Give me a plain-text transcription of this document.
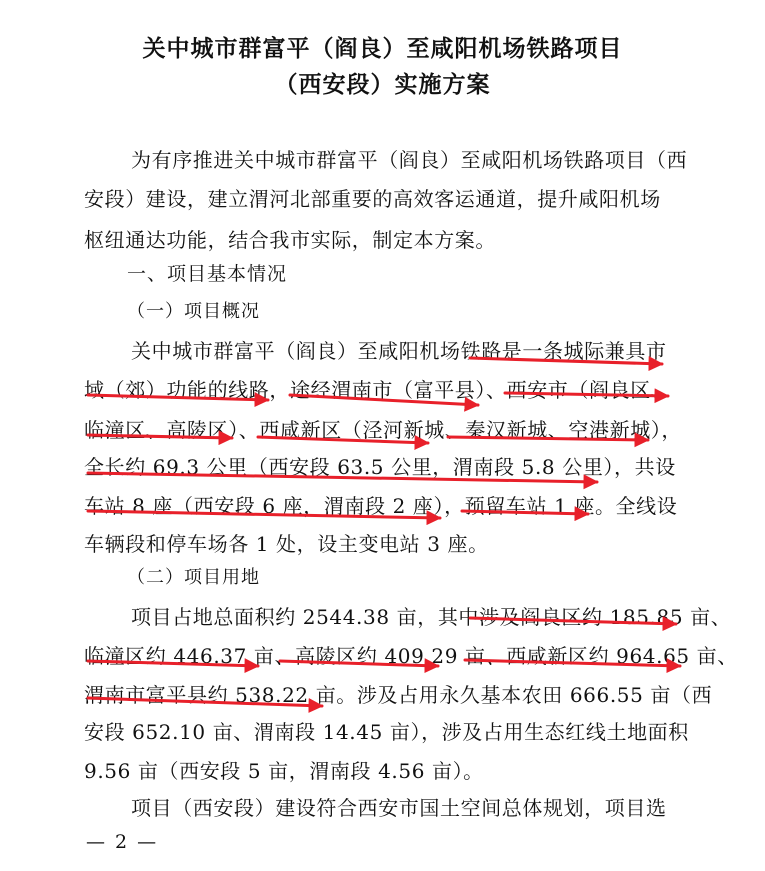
关中城市群富平（阎良）至咸阳机场铁路项目
（西安段）实施方案
为有序推进关中城市群富平（阎良）至咸阳机场铁路项目（西
安段）建设，建立渭河北部重要的高效客运通道，提升咸阳机场
枢纽通达功能，结合我市实际，制定本方案。
一、项目基本情况
（一）项目概况
关中城市群富平（阎良）至咸阳机场铁路是一条城际兼具市
域（郊）功能的线路，途经渭南市（富平县）、西安市（阎良区、
临潼区、高陵区）、西咸新区（泾河新城、秦汉新城、空港新城），
全长约 69.3 公里（西安段 63.5 公里，渭南段 5.8 公里），共设
车站 8 座（西安段 6 座，渭南段 2 座），预留车站 1 座。全线设
车辆段和停车场各 1 处，设主变电站 3 座。
（二）项目用地
项目占地总面积约 2544.38 亩，其中涉及阎良区约 185.85 亩、
临潼区约 446.37 亩、高陵区约 409.29 亩、西咸新区约 964.65 亩、
渭南市富平县约 538.22 亩。涉及占用永久基本农田 666.55 亩（西
安段 652.10 亩、渭南段 14.45 亩），涉及占用生态红线土地面积
9.56 亩（西安段 5 亩，渭南段 4.56 亩）。
项目（西安段）建设符合西安市国土空间总体规划，项目选
— 2 —
